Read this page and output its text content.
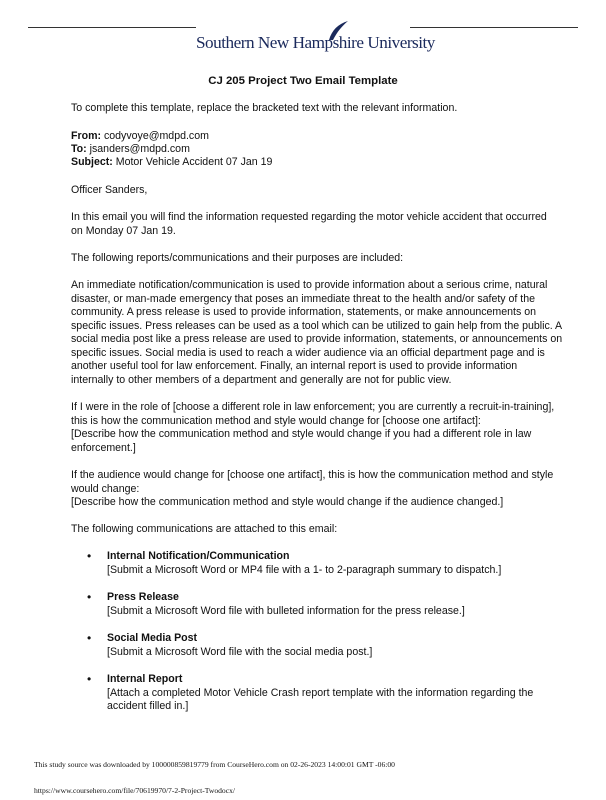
Southern New Hampshire University
CJ 205 Project Two Email Template
To complete this template, replace the bracketed text with the relevant information.
From: codyvoye@mdpd.com
To: jsanders@mdpd.com
Subject: Motor Vehicle Accident 07 Jan 19
Officer Sanders,
In this email you will find the information requested regarding the motor vehicle accident that occurred
on Monday 07 Jan 19.
The following reports/communications and their purposes are included:
An immediate notification/communication is used to provide information about a serious crime, natural
disaster, or man-made emergency that poses an immediate threat to the health and/or safety of the
community. A press release is used to provide information, statements, or make announcements on
specific issues. Press releases can be used as a tool which can be utilized to gain help from the public. A
social media post like a press release are used to provide information, statements, or announcements on
specific issues. Social media is used to reach a wider audience via an official department page and is
another useful tool for law enforcement. Finally, an internal report is used to provide information
internally to other members of a department and generally are not for public view.
If I were in the role of [choose a different role in law enforcement; you are currently a recruit-in-training],
this is how the communication method and style would change for [choose one artifact]:
[Describe how the communication method and style would change if you had a different role in law
enforcement.]
If the audience would change for [choose one artifact], this is how the communication method and style
would change:
[Describe how the communication method and style would change if the audience changed.]
The following communications are attached to this email:
• Internal Notification/Communication
[Submit a Microsoft Word or MP4 file with a 1- to 2-paragraph summary to dispatch.]
• Press Release
[Submit a Microsoft Word file with bulleted information for the press release.]
• Social Media Post
[Submit a Microsoft Word file with the social media post.]
• Internal Report
[Attach a completed Motor Vehicle Crash report template with the information regarding the
accident filled in.]
This study source was downloaded by 100000859819779 from CourseHero.com on 02-26-2023 14:00:01 GMT -06:00
https://www.coursehero.com/file/70619970/7-2-Project-Twodocx/
